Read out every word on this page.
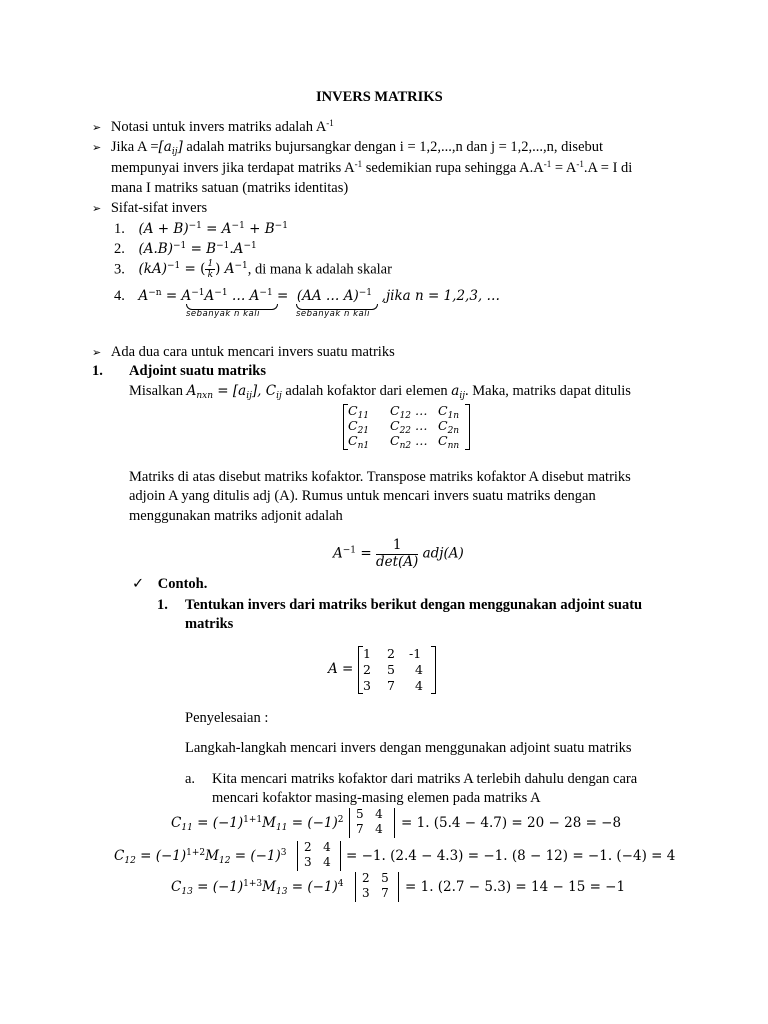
INVERS MATRIKS
➢ Notasi untuk invers matriks adalah $A^{-1}$
➢ Jika $A =[a_{ij}]$ adalah matriks bujursangkar dengan i = 1,2,...,n dan j = 1,2,...,n, disebut
mempunyai invers jika terdapat matriks $A^{-1}$ sedemikian rupa sehingga $A.A^{-1} = A^{-1}.A = I$ di
mana I matriks satuan (matriks identitas)
➢ Sifat-sifat invers
1. $(A + B)^{-1} = A^{-1} + B^{-1}$
2. $(A.B)^{-1} = B^{-1}.A^{-1}$
3. (kA)$^{-1}$ = ( $\frac{1}{k}$ ) $A^{-1}$, di mana k adalah skalar
4. $A^{-n} = A^{-1}A^{-1}$ … $A^{-1} = (AA$ … A)$^{-1}$ ,jika n = 1,2,3, …
sebanyak n kali	sebanyak n kali
➢ Ada dua cara untuk mencari invers suatu matriks
1. Adjoint suatu matriks
Misalkan $A_{nxn} = [a_{ij}]$, $C_{ij}$ adalah kofaktor dari elemen $a_{ij}$. Maka, matriks dapat ditulis
$C_{11}$ $C_{12}$ … $C_{1n}$
$C_{21}$ $C_{22}$ … $C_{2n}$
$C_{n1}$ $C_{n2}$ … $C_{nn}$
Matriks di atas disebut matriks kofaktor. Transpose matriks kofaktor A disebut matriks
adjoin A yang ditulis adj (A). Rumus untuk mencari invers suatu matriks dengan
menggunakan matriks adjonit adalah
$A^{-1} = \frac{1}{\det(A)} adj(A)$
✓ Contoh.
1. Tentukan invers dari matriks berikut dengan menggunakan adjoint suatu
matriks
A =
1 2 -1
2 5 4
3 7 4
Penyelesaian :
Langkah-langkah mencari invers dengan menggunakan adjoint suatu matriks
a. Kita mencari matriks kofaktor dari matriks A terlebih dahulu dengan cara
mencari kofaktor masing-masing elemen pada matriks A
$C_{11} = (-1)^{1+1}M_{11} = (-1)^2$ 5   4
7   4 = 1. (5.4 − 4.7) = 20 − 28 = −8
$C_{12} = (-1)^{1+2}M_{12} = (-1)^3$ 2   4
3   4 = −1. (2.4 − 4.3) = −1. (8 − 12) = −1. (−4) = 4
$C_{13} = (-1)^{1+3}M_{13} = (-1)^4$ 2   5
3   7 = 1. (2.7 − 5.3) = 14 − 15 = −1
